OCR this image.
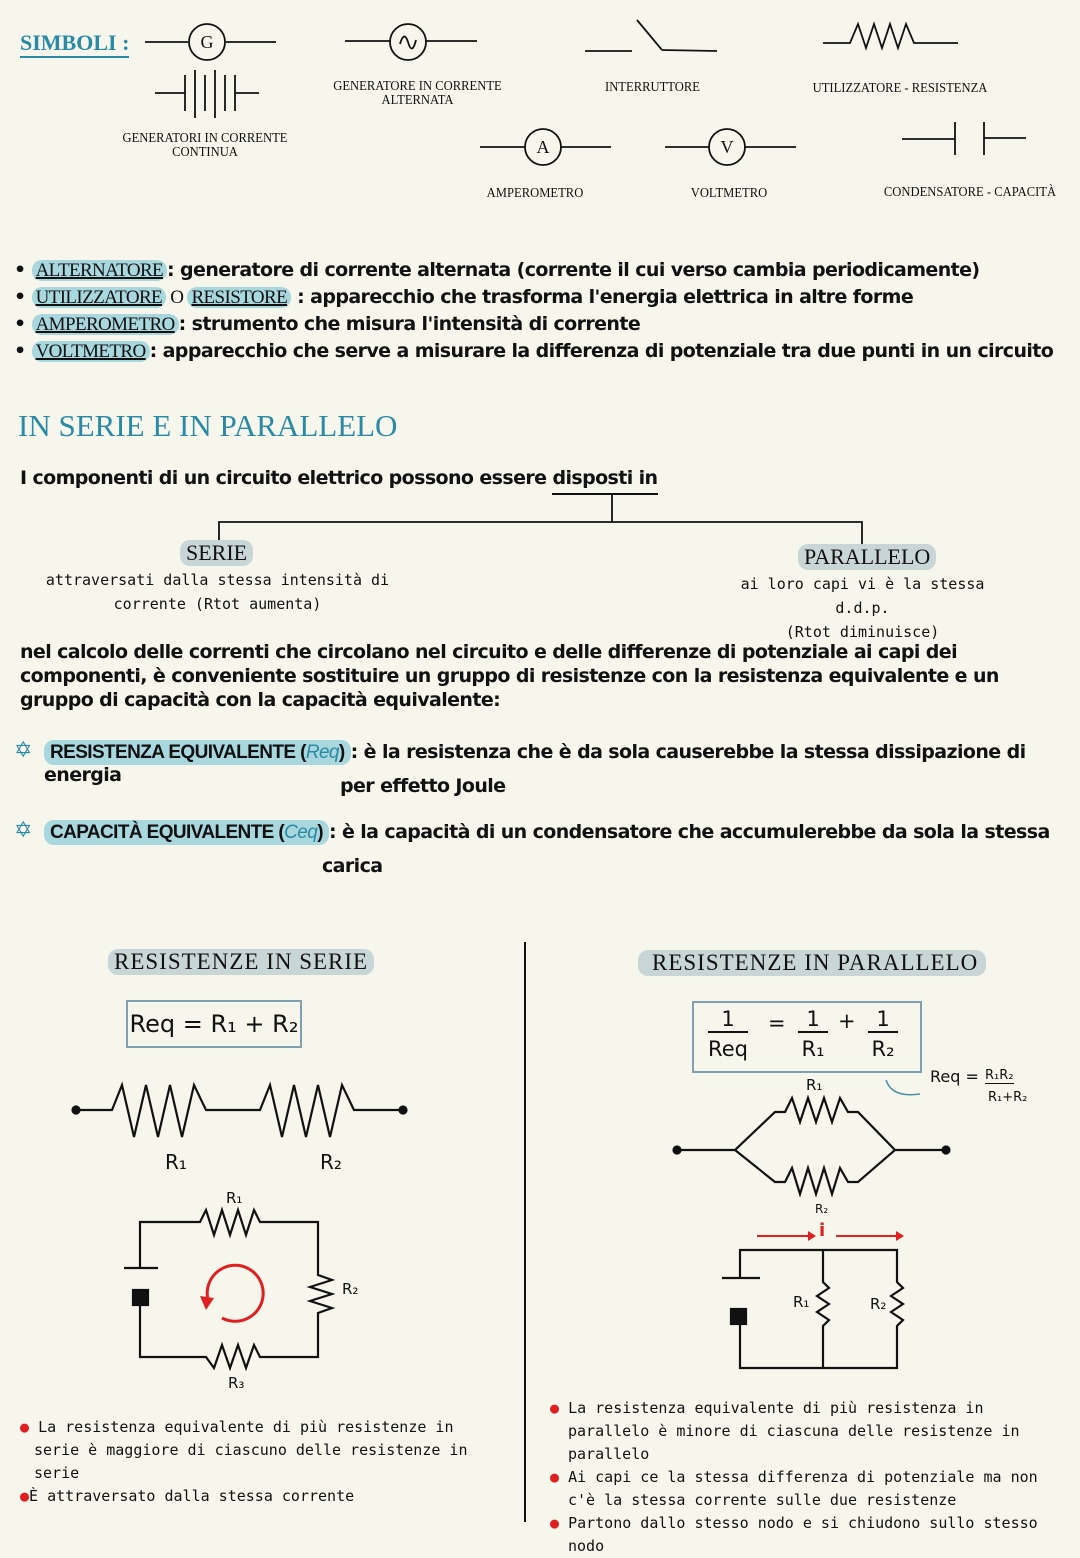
SIMBOLI :	G
A	V
GENERATORI IN CORRENTE CONTINUA
GENERATORE IN CORRENTE ALTERNATA
INTERRUTTORE	UTILIZZATORE - RESISTENZA
AMPEROMETRO	VOLTMETRO	CONDENSATORE - CAPACITÀ
• ALTERNATORE : generatore di corrente alternata (corrente il cui verso cambia periodicamente)
• UTILIZZATORE O RESISTORE : apparecchio che trasforma l'energia elettrica in altre forme
• AMPEROMETRO : strumento che misura l'intensità di corrente
• VOLTMETRO : apparecchio che serve a misurare la differenza di potenziale tra due punti in un circuito
IN SERIE E IN PARALLELO
I componenti di un circuito elettrico possono essere disposti in
SERIE
attraversati dalla stessa intensità di
corrente (Rtot aumenta)
PARALLELO
ai loro capi vi è la stessa d.d.p.
(Rtot diminuisce)
nel calcolo delle correnti che circolano nel circuito e delle differenze di potenziale ai capi dei componenti, è conveniente sostituire un gruppo di resistenze con la resistenza equivalente e un gruppo di capacità con la capacità equivalente:
✡ RESISTENZA EQUIVALENTE (Req) : è la resistenza che è da sola causerebbe la stessa dissipazione di energia	per effetto Joule
✡ CAPACITÀ EQUIVALENTE (Ceq) : è la capacità di un condensatore che accumulerebbe da sola la stessa
carica
RESISTENZE IN SERIE
Req = R₁ + R₂
R₁	R₂
R₁
R₂
R₃
● La resistenza equivalente di più resistenze in serie è maggiore di ciascuno delle resistenze in serie
●È attraversato dalla stessa corrente
RESISTENZE IN PARALLELO
1
Req
= 1
R₁
+ 1
R₂
Req = R₁R₂
R₁+R₂
R₁
R₂
i
R₁	R₂
● La resistenza equivalente di più resistenza in parallelo è minore di ciascuna delle resistenze in parallelo
● Ai capi ce la stessa differenza di potenziale ma non c'è la stessa corrente sulle due resistenze
● Partono dallo stesso nodo e si chiudono sullo stesso nodo
